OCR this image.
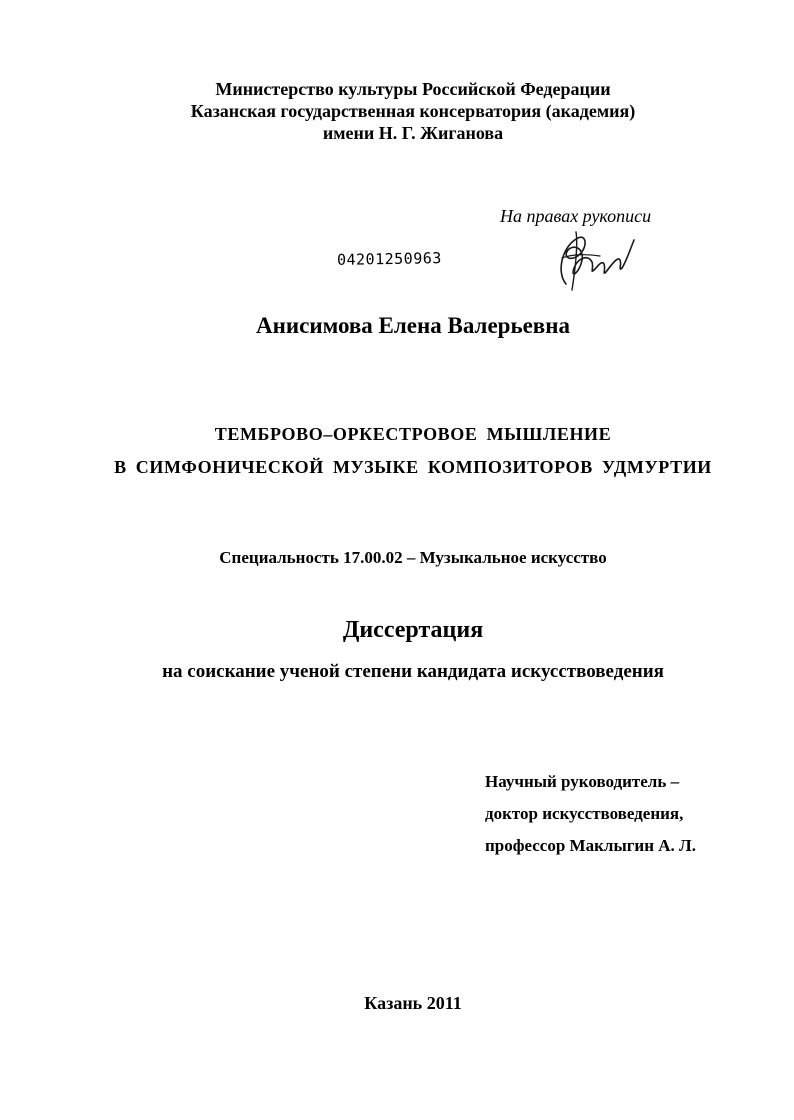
Министерство культуры Российской Федерации
Казанская государственная консерватория (академия)
имени Н. Г. Жиганова
На правах рукописи
04201250963
Анисимова Елена Валерьевна
ТЕМБРОВО–ОРКЕСТРОВОЕ МЫШЛЕНИЕ
В СИМФОНИЧЕСКОЙ МУЗЫКЕ КОМПОЗИТОРОВ УДМУРТИИ
Специальность 17.00.02 – Музыкальное искусство
Диссертация
на соискание ученой степени кандидата искусствоведения
Научный руководитель –
доктор искусствоведения,
профессор Маклыгин А. Л.
Казань 2011
